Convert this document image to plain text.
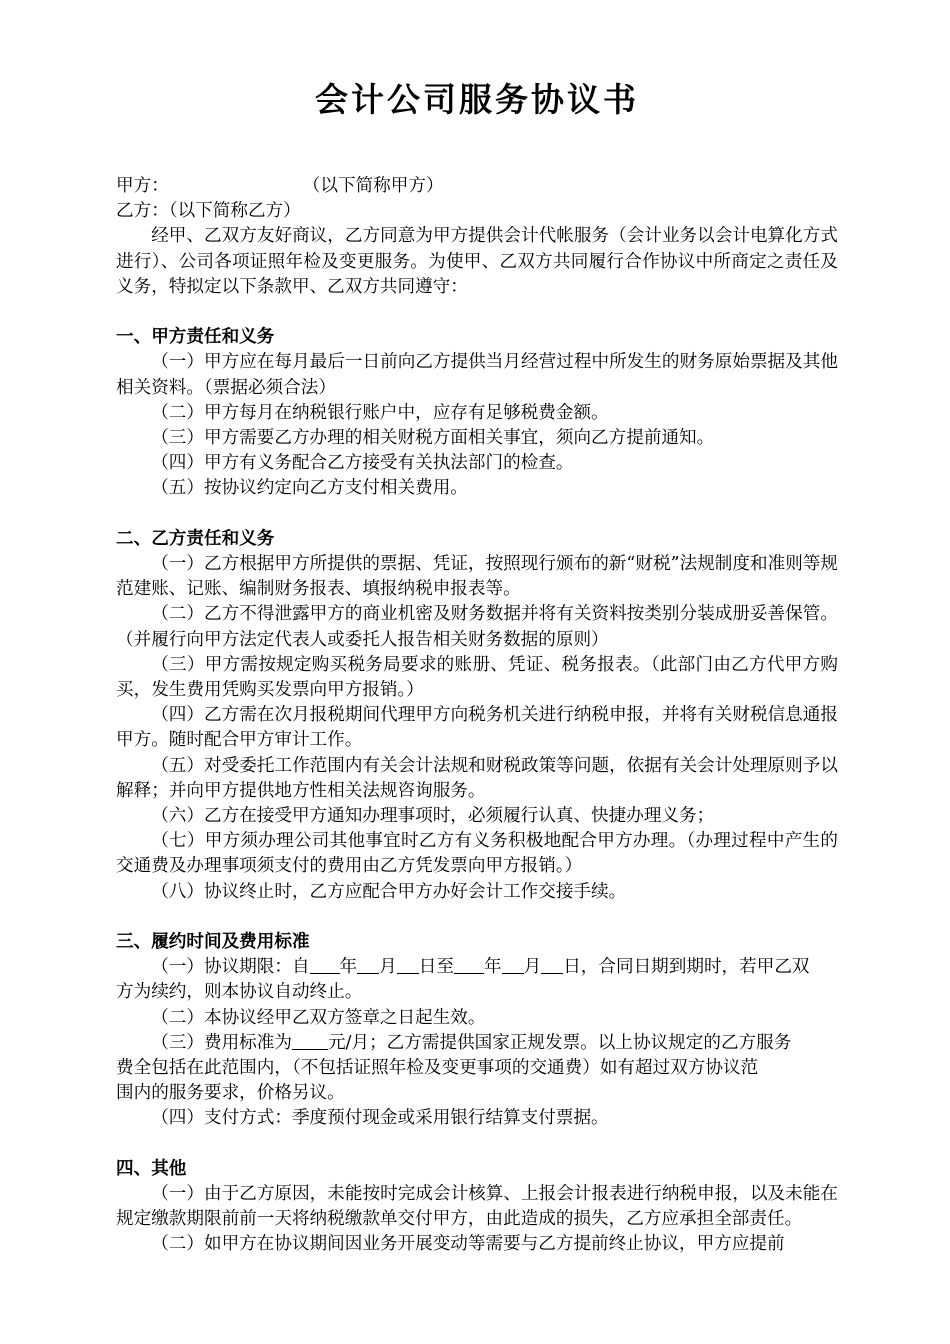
会计公司服务协议书
甲方：	（以下简称甲方）
乙方：（以下简称乙方）
经甲、乙双方友好商议，乙方同意为甲方提供会计代帐服务（会计业务以会计电算化方式进行）、公司各项证照年检及变更服务。为使甲、乙双方共同履行合作协议中所商定之责任及义务，特拟定以下条款甲、乙双方共同遵守：
一、甲方责任和义务
（一）甲方应在每月最后一日前向乙方提供当月经营过程中所发生的财务原始票据及其他相关资料。（票据必须合法）
（二）甲方每月在纳税银行账户中，应存有足够税费金额。
（三）甲方需要乙方办理的相关财税方面相关事宜，须向乙方提前通知。
（四）甲方有义务配合乙方接受有关执法部门的检查。
（五）按协议约定向乙方支付相关费用。
二、乙方责任和义务
（一）乙方根据甲方所提供的票据、凭证，按照现行颁布的新“财税”法规制度和准则等规范建账、记账、编制财务报表、填报纳税申报表等。
（二）乙方不得泄露甲方的商业机密及财务数据并将有关资料按类别分装成册妥善保管。（并履行向甲方法定代表人或委托人报告相关财务数据的原则）
（三）甲方需按规定购买税务局要求的账册、凭证、税务报表。（此部门由乙方代甲方购买，发生费用凭购买发票向甲方报销。）
（四）乙方需在次月报税期间代理甲方向税务机关进行纳税申报，并将有关财税信息通报甲方。随时配合甲方审计工作。
（五）对受委托工作范围内有关会计法规和财税政策等问题，依据有关会计处理原则予以解释；并向甲方提供地方性相关法规咨询服务。
（六）乙方在接受甲方通知办理事项时，必须履行认真、快捷办理义务；
（七）甲方须办理公司其他事宜时乙方有义务积极地配合甲方办理。（办理过程中产生的交通费及办理事项须支付的费用由乙方凭发票向甲方报销。）
（八）协议终止时，乙方应配合甲方办好会计工作交接手续。
三、履约时间及费用标准
（一）协议期限：自 年 月 日至 年 月 日，合同日期到期时，若甲乙双
方为续约，则本协议自动终止。
（二）本协议经甲乙双方签章之日起生效。
（三）费用标准为 元/月；乙方需提供国家正规发票。以上协议规定的乙方服务
费全包括在此范围内，（不包括证照年检及变更事项的交通费）如有超过双方协议范
围内的服务要求，价格另议。
（四）支付方式：季度预付现金或采用银行结算支付票据。
四、其他
（一）由于乙方原因，未能按时完成会计核算、上报会计报表进行纳税申报，以及未能在规定缴款期限前前一天将纳税缴款单交付甲方，由此造成的损失，乙方应承担全部责任。
（二）如甲方在协议期间因业务开展变动等需要与乙方提前终止协议，甲方应提前
